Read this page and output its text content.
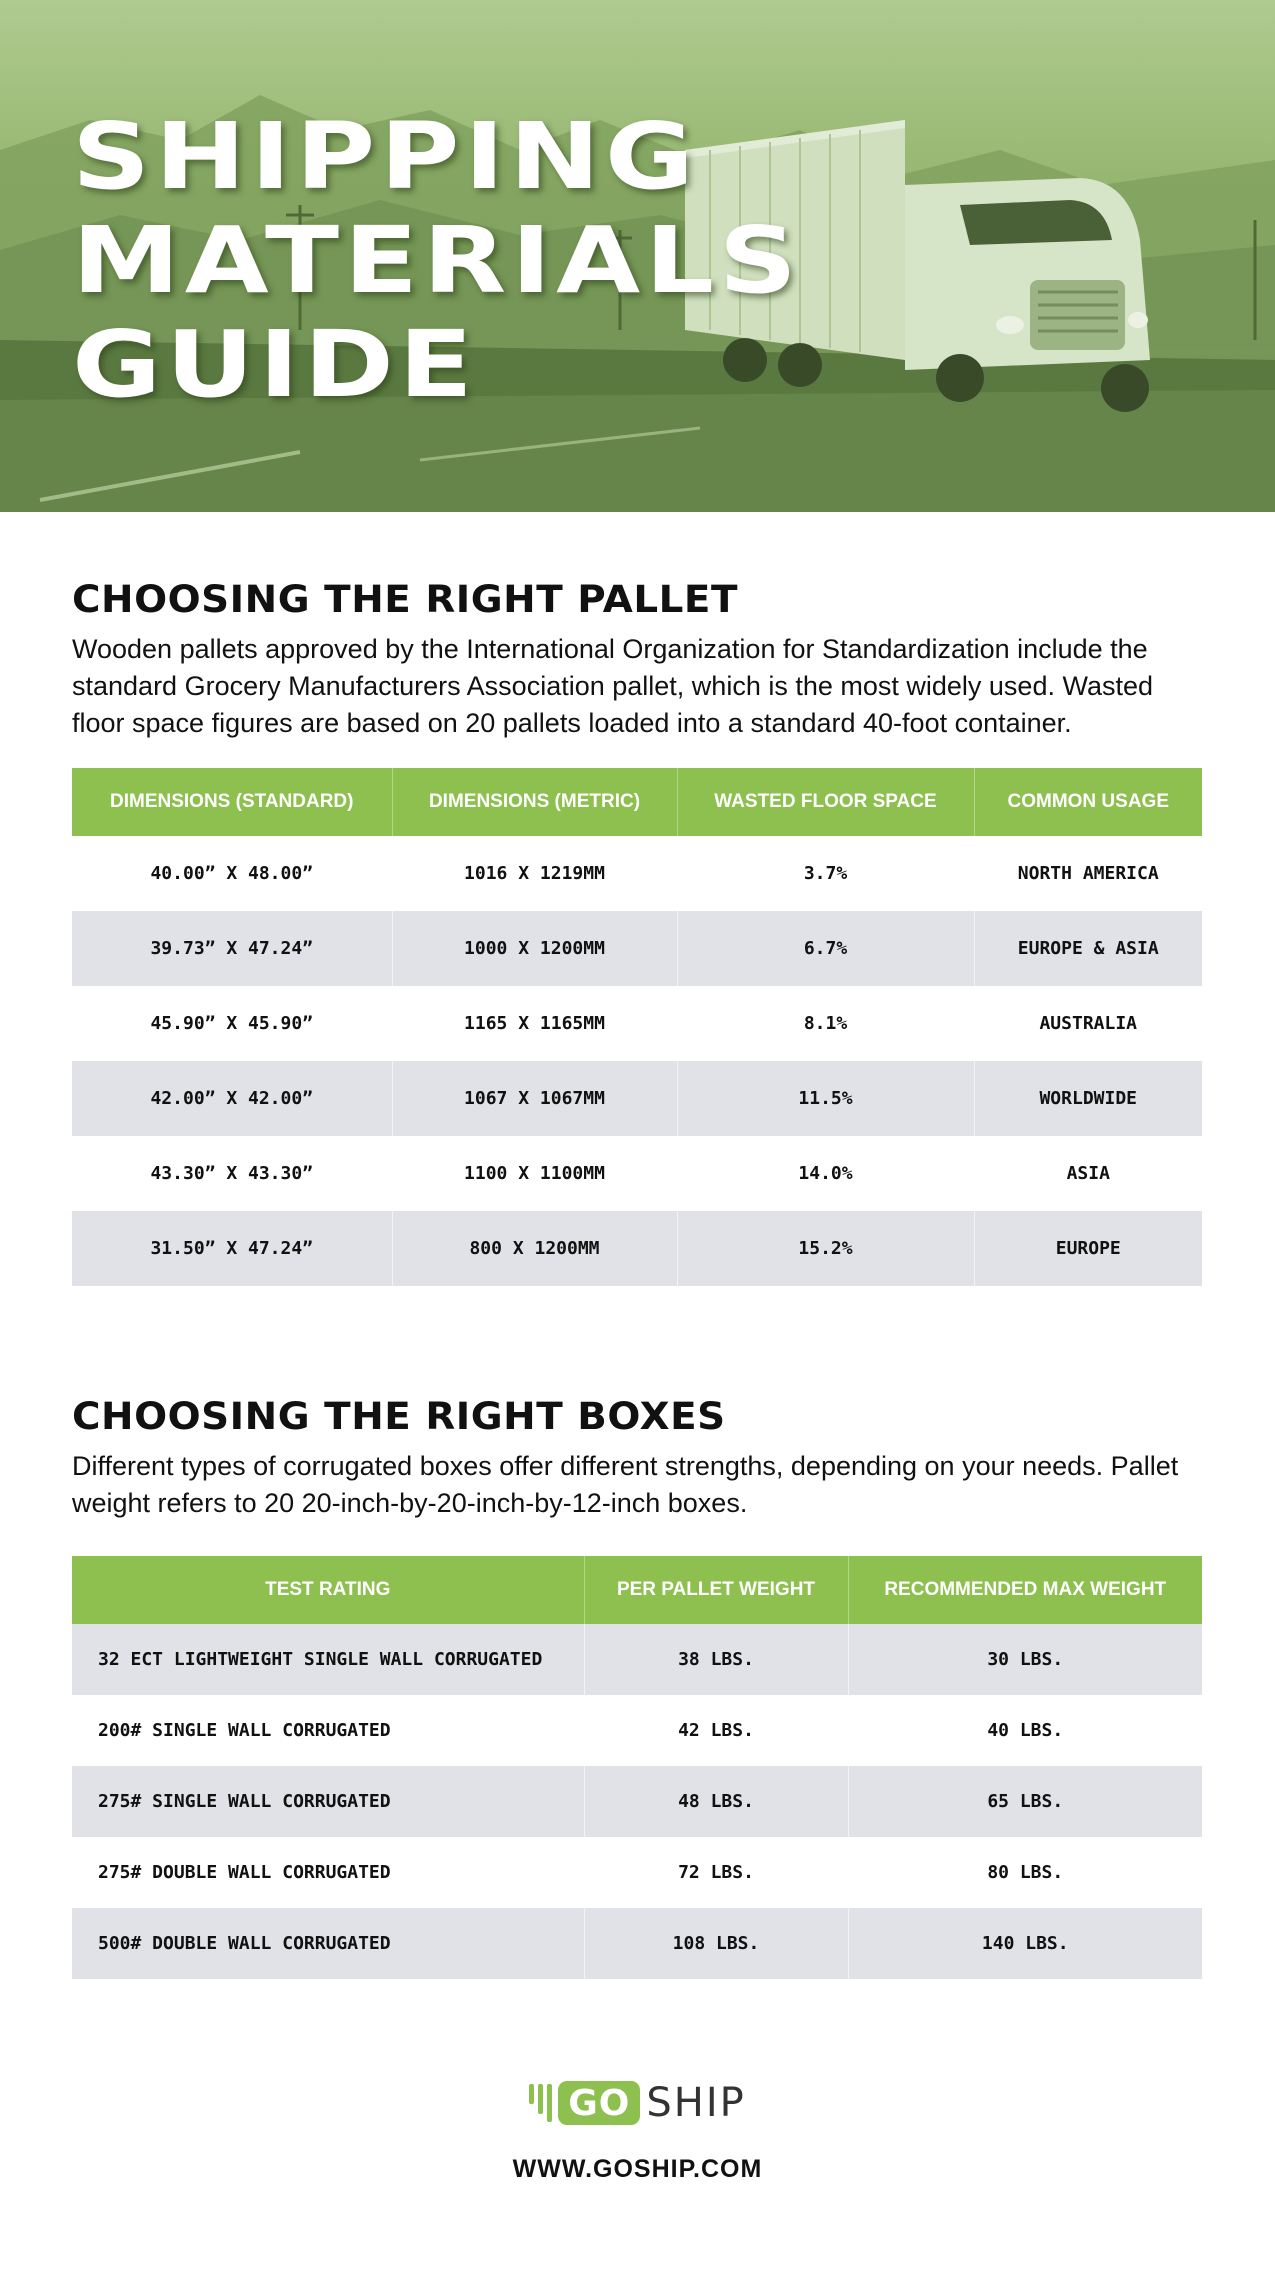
SHIPPING
MATERIALS
GUIDE
CHOOSING THE RIGHT PALLET
Wooden pallets approved by the International Organization for Standardization include the standard Grocery Manufacturers Association pallet, which is the most widely used. Wasted floor space figures are based on 20 pallets loaded into a standard 40-foot container.
DIMENSIONS (STANDARD)	DIMENSIONS (METRIC)	WASTED FLOOR SPACE	COMMON USAGE
40.00” X 48.00”	1016 X 1219MM	3.7%	NORTH AMERICA
39.73” X 47.24”	1000 X 1200MM	6.7%	EUROPE & ASIA
45.90” X 45.90”	1165 X 1165MM	8.1%	AUSTRALIA
42.00” X 42.00”	1067 X 1067MM	11.5%	WORLDWIDE
43.30” X 43.30”	1100 X 1100MM	14.0%	ASIA
31.50” X 47.24”	800 X 1200MM	15.2%	EUROPE
CHOOSING THE RIGHT BOXES
Different types of corrugated boxes offer different strengths, depending on your needs. Pallet weight refers to 20 20-inch-by-20-inch-by-12-inch boxes.
TEST RATING	PER PALLET WEIGHT	RECOMMENDED MAX WEIGHT
32 ECT LIGHTWEIGHT SINGLE WALL CORRUGATED	38 LBS.	30 LBS.
200# SINGLE WALL CORRUGATED	42 LBS.	40 LBS.
275# SINGLE WALL CORRUGATED	48 LBS.	65 LBS.
275# DOUBLE WALL CORRUGATED	72 LBS.	80 LBS.
500# DOUBLE WALL CORRUGATED	108 LBS.	140 LBS.
GO SHIP
WWW.GOSHIP.COM
